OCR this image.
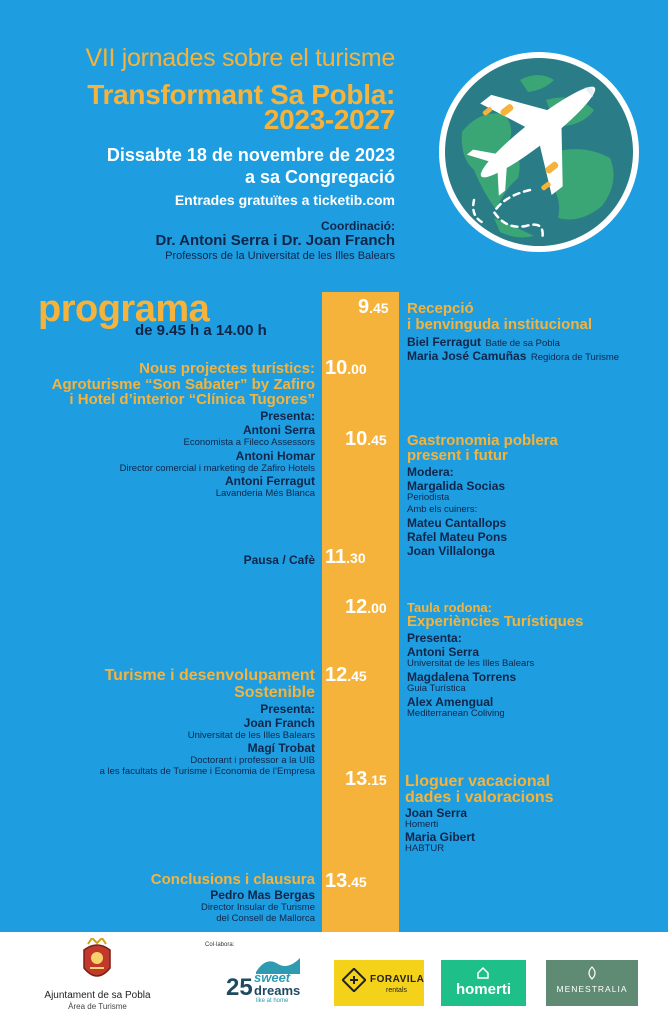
VII jornades sobre el turisme
Transformant Sa Pobla:
2023-2027
Dissabte 18 de novembre de 2023
a sa Congregació
Entrades gratuïtes a ticketib.com
Coordinació:
Dr. Antoni Serra i Dr. Joan Franch
Professors de la Universitat de les Illes Balears
programa
de 9.45 h a 14.00 h
9.45
10.00
10.45
11.30
12.00
12.45
13.15
13.45
Recepció
i benvinguda institucional
Biel Ferragut Batle de sa Pobla
Maria José Camuñas Regidora de Turisme
Nous projectes turístics:
Agroturisme “Son Sabater” by Zafiro
i Hotel d’interior “Clínica Tugores”
Presenta:
Antoni Serra
Economista a Fileco Assessors
Antoni Homar
Director comercial i marketing de Zafiro Hotels
Antoni Ferragut
Lavanderia Més Blanca
Gastronomia poblera
present i futur
Modera:
Margalida Socias
Periodista
Amb els cuiners:
Mateu Cantallops
Rafel Mateu Pons
Joan Villalonga
Pausa / Cafè
Taula rodona:
Experiències Turístiques
Presenta:
Antoni Serra
Universitat de les Illes Balears
Magdalena Torrens
Guia Turística
Alex Amengual
Mediterranean Coliving
Turisme i desenvolupament
Sostenible
Presenta:
Joan Franch
Universitat de les Illes Balears
Magí Trobat
Doctorant i professor a la UIB
a les facultats de Turisme i Economia de l’Empresa
Lloguer vacacional
dades i valoracions
Joan Serra
Homerti
Maria Gibert
HABTUR
Conclusions i clausura
Pedro Mas Bergas
Director Insular de Turisme
del Consell de Mallorca
Ajuntament de sa Pobla
Àrea de Turisme
Col·labora:
25 sweet
dreams
like at home
FORAVILA
rentals	homerti	MENESTRALIA
